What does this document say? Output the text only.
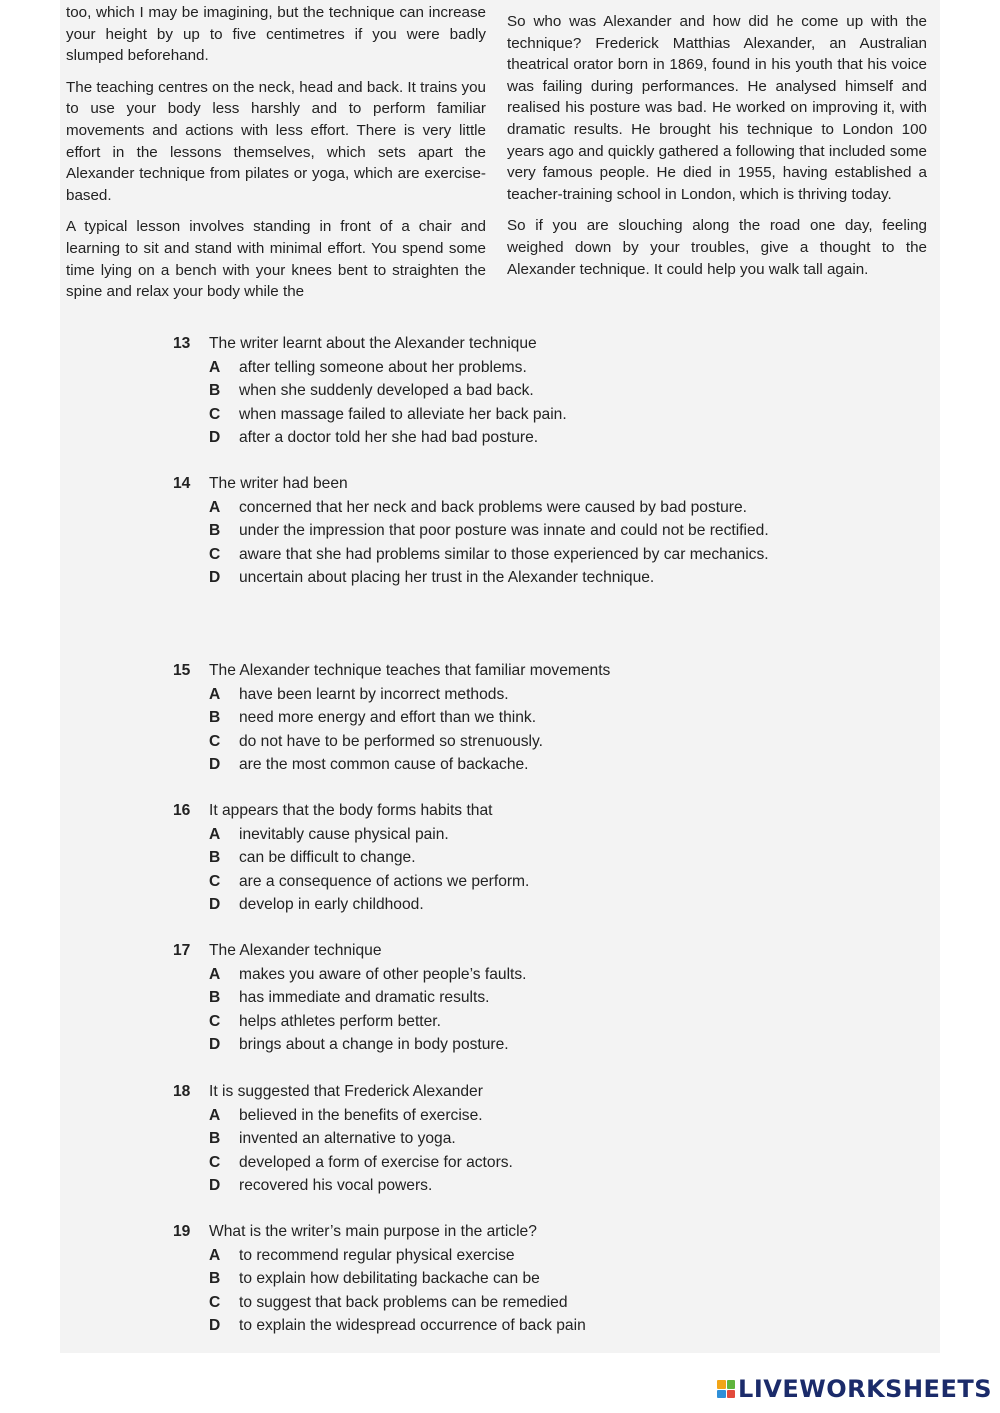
too, which I may be imagining, but the technique can increase your height by up to five centimetres if you were badly slumped beforehand.

The teaching centres on the neck, head and back. It trains you to use your body less harshly and to perform familiar movements and actions with less effort. There is very little effort in the lessons themselves, which sets apart the Alexander technique from pilates or yoga, which are exercise-based.

A typical lesson involves standing in front of a chair and learning to sit and stand with minimal effort. You spend some time lying on a bench with your knees bent to straighten the spine and relax your body while the

So who was Alexander and how did he come up with the technique? Frederick Matthias Alexander, an Australian theatrical orator born in 1869, found in his youth that his voice was failing during performances. He analysed himself and realised his posture was bad. He worked on improving it, with dramatic results. He brought his technique to London 100 years ago and quickly gathered a following that included some very famous people. He died in 1955, having established a teacher-training school in London, which is thriving today.

So if you are slouching along the road one day, feeling weighed down by your troubles, give a thought to the Alexander technique. It could help you walk tall again.

13 The writer learnt about the Alexander technique
A after telling someone about her problems.
B when she suddenly developed a bad back.
C when massage failed to alleviate her back pain.
D after a doctor told her she had bad posture.
14 The writer had been
A concerned that her neck and back problems were caused by bad posture.
B under the impression that poor posture was innate and could not be rectified.
C aware that she had problems similar to those experienced by car mechanics.
D uncertain about placing her trust in the Alexander technique.
15 The Alexander technique teaches that familiar movements
A have been learnt by incorrect methods.
B need more energy and effort than we think.
C do not have to be performed so strenuously.
D are the most common cause of backache.
16 It appears that the body forms habits that
A inevitably cause physical pain.
B can be difficult to change.
C are a consequence of actions we perform.
D develop in early childhood.
17 The Alexander technique
A makes you aware of other people’s faults.
B has immediate and dramatic results.
C helps athletes perform better.
D brings about a change in body posture.
18 It is suggested that Frederick Alexander
A believed in the benefits of exercise.
B invented an alternative to yoga.
C developed a form of exercise for actors.
D recovered his vocal powers.
19 What is the writer’s main purpose in the article?
A to recommend regular physical exercise
B to explain how debilitating backache can be
C to suggest that back problems can be remedied
D to explain the widespread occurrence of back pain
LIVEWORKSHEETS
